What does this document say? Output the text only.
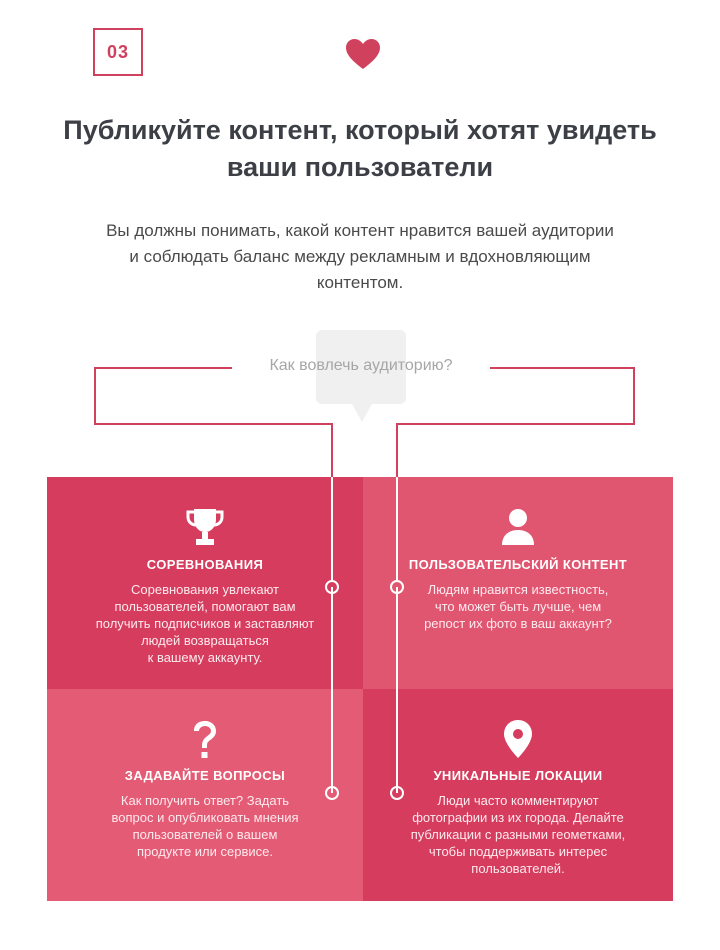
03
Публикуйте контент, который хотят увидеть
ваши пользователи

Вы должны понимать, какой контент нравится вашей аудитории
и соблюдать баланс между рекламным и вдохновляющим
контентом.

Как вовлечь аудиторию?
СОРЕВНОВАНИЯ
Соревнования увлекают
пользователей, помогают вам
получить подписчиков и заставляют
людей возвращаться
к вашему аккаунту.
ПОЛЬЗОВАТЕЛЬСКИЙ КОНТЕНТ
Людям нравится известность,
что может быть лучше, чем
репост их фото в ваш аккаунт?
ЗАДАВАЙТЕ ВОПРОСЫ
Как получить ответ? Задать
вопрос и опубликовать мнения
пользователей о вашем
продукте или сервисе.
УНИКАЛЬНЫЕ ЛОКАЦИИ
Люди часто комментируют
фотографии из их города. Делайте
публикации с разными геометками,
чтобы поддерживать интерес
пользователей.
